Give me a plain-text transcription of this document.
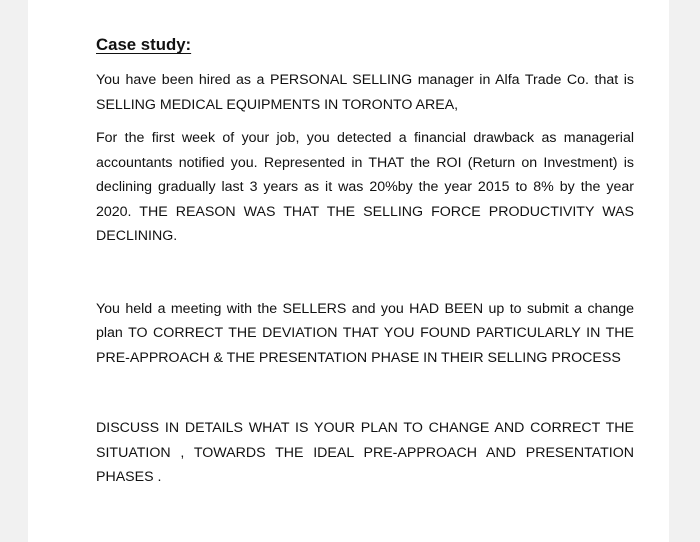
Case study:

You have been hired as a PERSONAL SELLING manager in Alfa Trade Co. that is SELLING MEDICAL EQUIPMENTS IN TORONTO AREA,

For the first week of your job, you detected a financial drawback as managerial accountants notified you. Represented in THAT the ROI (Return on Investment) is declining gradually last 3 years as it was 20%by the year 2015 to 8% by the year 2020. THE REASON WAS THAT THE SELLING FORCE PRODUCTIVITY WAS DECLINING.

You held a meeting with the SELLERS and you HAD BEEN up to submit a change plan TO CORRECT THE DEVIATION THAT YOU FOUND PARTICULARLY IN THE PRE-APPROACH & THE PRESENTATION PHASE IN THEIR SELLING PROCESS

DISCUSS IN DETAILS WHAT IS YOUR PLAN TO CHANGE AND CORRECT THE SITUATION , TOWARDS THE IDEAL PRE-APPROACH AND PRESENTATION PHASES .
